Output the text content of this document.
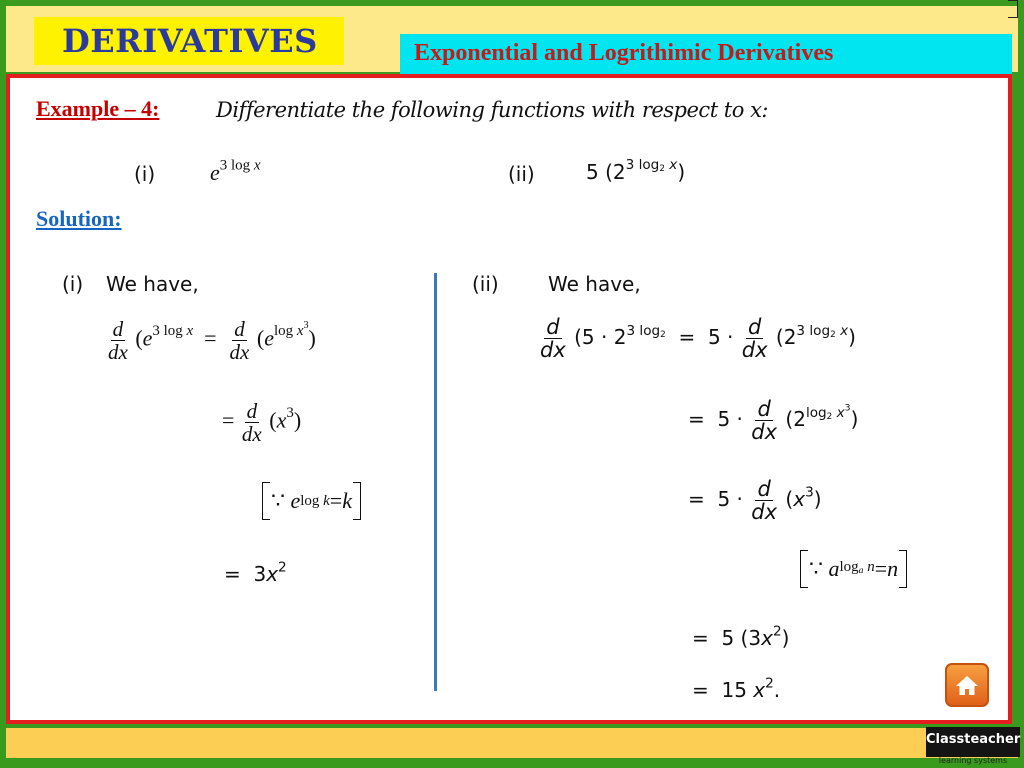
DERIVATIVES	Exponential and Logrithimic Derivatives
Example – 4:	Differentiate the following functions with respect to x:
(i) $e^{3 log x}$	(ii)	5 $(2^{3 log_2 x})$
Solution:
(i) We have,
$\frac{d}{dx} (e^{3 log x} = \frac{d}{dx} (e^{log x^3})$
= $\frac{d}{dx} (x^3)$
∵ e log k = k
=  $3x^2$
(ii) We have,
$\frac{d}{dx} (5 \cdot 2^{3 log_2} = 5 \cdot \frac{d}{dx} (2^{3 log_2 x})$
=  $5 \cdot \frac{d}{dx} (2^{log_2 x^3})$
=  $5 \cdot \frac{d}{dx} (x^3)$
∵ a $\log_a n = n$
=  5 $(3x^2)$
=  15 $x^2$.
Classteacher
learning systems
